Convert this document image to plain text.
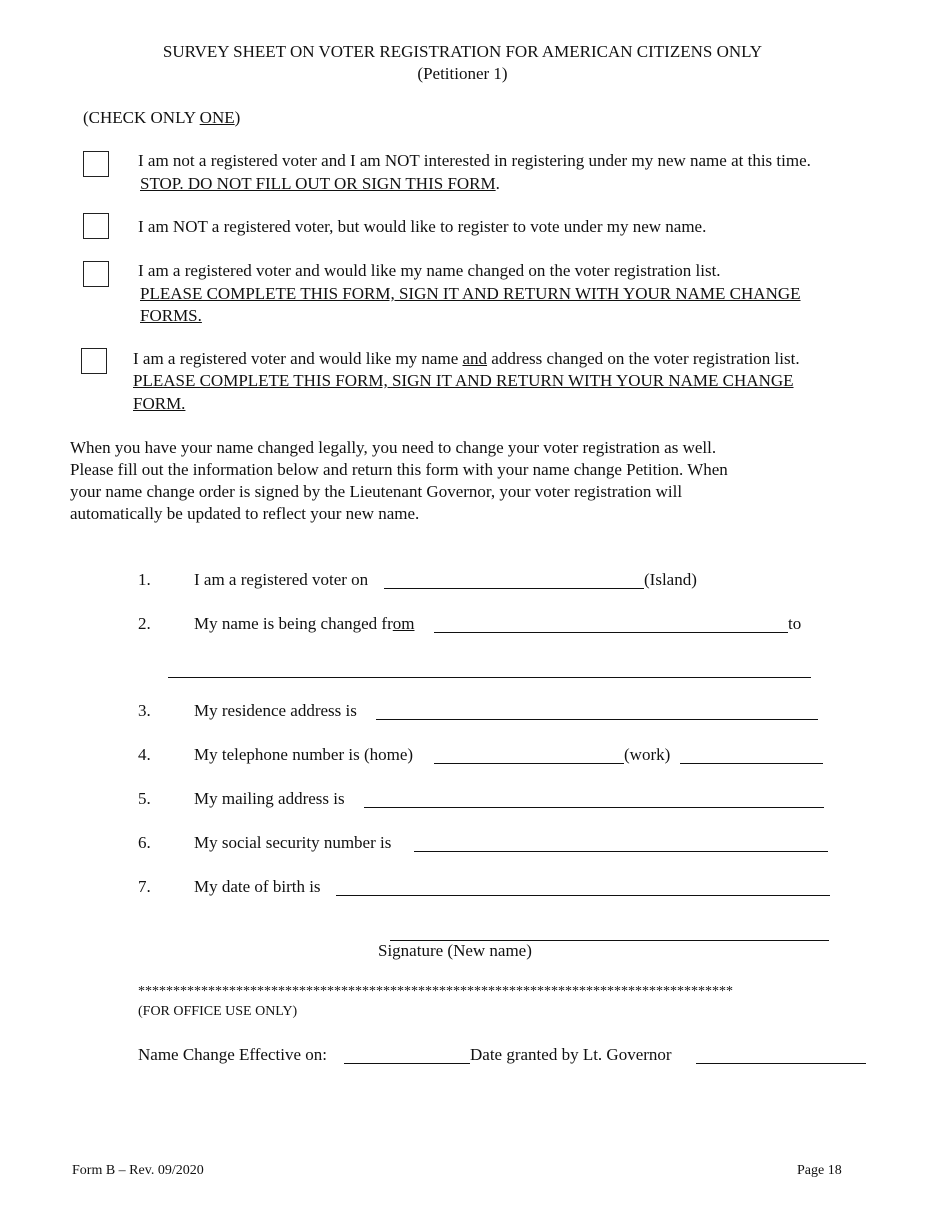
SURVEY SHEET ON VOTER REGISTRATION FOR AMERICAN CITIZENS ONLY
(Petitioner 1)
(CHECK ONLY ONE)
I am not a registered voter and I am NOT interested in registering under my new name at this time.
STOP. DO NOT FILL OUT OR SIGN THIS FORM.
I am NOT a registered voter, but would like to register to vote under my new name.
I am a registered voter and would like my name changed on the voter registration list.
PLEASE COMPLETE THIS FORM, SIGN IT AND RETURN WITH YOUR NAME CHANGE
FORMS.
I am a registered voter and would like my name and address changed on the voter registration list.
PLEASE COMPLETE THIS FORM, SIGN IT AND RETURN WITH YOUR NAME CHANGE
FORM.
When you have your name changed legally, you need to change your voter registration as well.
Please fill out the information below and return this form with your name change Petition. When
your name change order is signed by the Lieutenant Governor, your voter registration will
automatically be updated to reflect your new name.
1.	I am a registered voter on	(Island)
2.	My name is being changed from	to
3.	My residence address is
4.	My telephone number is (home)	(work)
5.	My mailing address is
6.	My social security number is
7.	My date of birth is
Signature (New name)
*************************************************************************************
(FOR OFFICE USE ONLY)
Name Change Effective on:	Date granted by Lt. Governor
Form B – Rev. 09/2020	Page 18
